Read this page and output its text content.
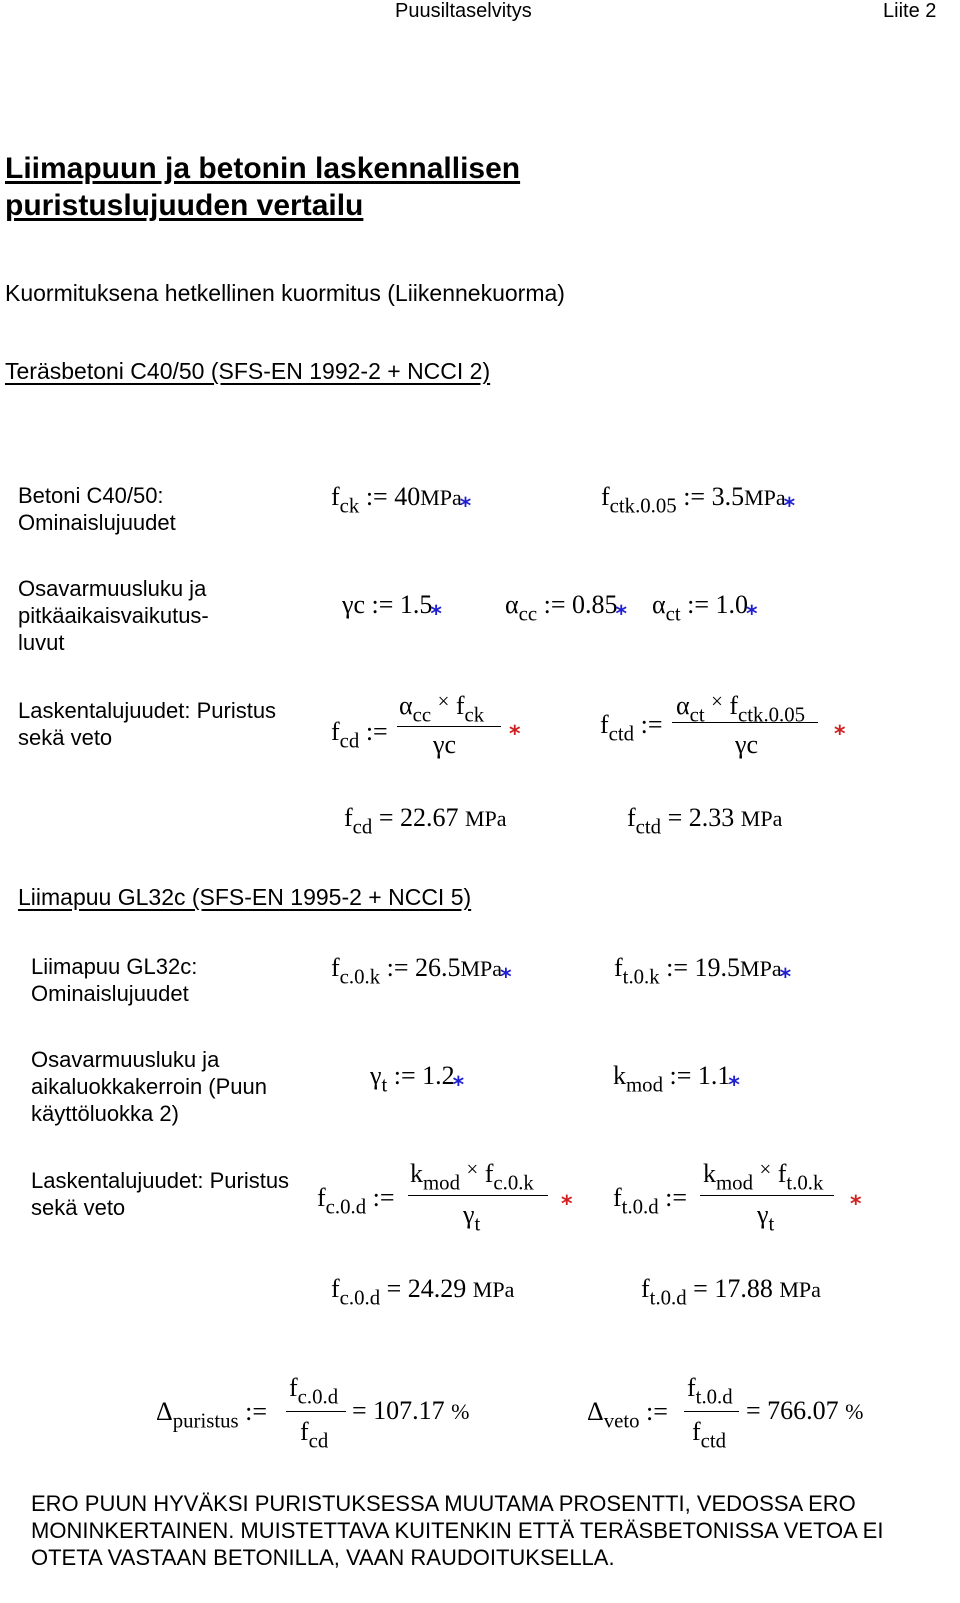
Puusiltaselvitys	Liite 2
Liimapuun ja betonin laskennallisen puristuslujuuden vertailu
Kuormituksena hetkellinen kuormitus (Liikennekuorma)
Teräsbetoni C40/50 (SFS-EN 1992-2 + NCCI 2)
Betoni C40/50: Ominaislujuudet
$f_{ck}$ := 40MPa$_*$	$f_{ctk.0.05}$ := 3.5MPa$_*$
Osavarmuusluku ja pitkäaikaisvaikutus-luvut
γc := $1.5_*$ $\alpha_{cc}$ := $0.85_*$ $\alpha_{ct}$ := $1.0_*$
Laskentalujuudet: Puristus sekä veto	$f_{cd}$ :=
$\alpha_{cc}$ × $f_{ck}$
γc *	$f_{ctd}$ :=
$\alpha_{ct}$ × $f_{ctk.0.05}$
γc	*
$f_{cd} = 22.67$ MPa	$f_{ctd} = 2.33$ MPa
Liimapuu GL32c (SFS-EN 1995-2 + NCCI 5)
Liimapuu GL32c: Ominaislujuudet
$f_{c.0.k}$ := 26.5MPa$_*$	$f_{t.0.k}$ := 19.5MPa$_*$
Osavarmuusluku ja aikaluokkakerroin (Puun käyttöluokka 2)
$\gamma_t$ := $1.2_*$	$k_{mod}$ := $1.1_*$
Laskentalujuudet: Puristus sekä veto	$f_{c.0.d}$ :=
$k_{mod}$ × $f_{c.0.k}$
$\gamma_t$
* $f_{t.0.d}$ :=
$k_{mod}$ × $f_{t.0.k}$
$\gamma_t$
*
$f_{c.0.d} = 24.29$ MPa	$f_{t.0.d} = 17.88$ MPa
$\Delta_{puristus}$ :=
$f_{c.0.d}$
$f_{cd}$
= 107.17 %	$\Delta_{veto}$ :=
$f_{t.0.d}$
$f_{ctd}$
= 766.07 %
ERO PUUN HYVÄKSI PURISTUKSESSA MUUTAMA PROSENTTI, VEDOSSA ERO MONINKERTAINEN. MUISTETTAVA KUITENKIN ETTÄ TERÄSBETONISSA VETOA EI OTETA VASTAAN BETONILLA, VAAN RAUDOITUKSELLA.
